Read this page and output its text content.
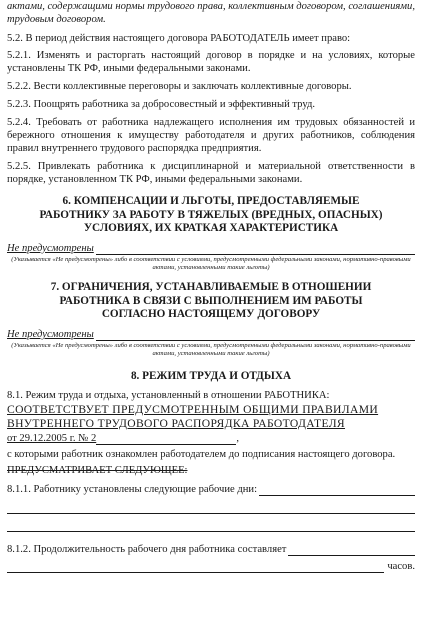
актами, содержащими нормы трудового права, коллективным договором, соглашениями, трудовым договором.

5.2. В период действия настоящего договора РАБОТОДАТЕЛЬ имеет право:

5.2.1. Изменять и расторгать настоящий договор в порядке и на условиях, которые установлены ТК РФ, иными федеральными законами.

5.2.2. Вести коллективные переговоры и заключать коллективные договоры.

5.2.3. Поощрять работника за добросовестный и эффективный труд.

5.2.4. Требовать от работника надлежащего исполнения им трудовых обязанностей и бережного отношения к имуществу работодателя и других работников, соблюдения правил внутреннего трудового распорядка предприятия.

5.2.5. Привлекать работника к дисциплинарной и материальной ответственности в порядке, установленном ТК РФ, иными федеральными законами.

6. КОМПЕНСАЦИИ И ЛЬГОТЫ, ПРЕДОСТАВЛЯЕМЫЕ РАБОТНИКУ ЗА РАБОТУ В ТЯЖЕЛЫХ (ВРЕДНЫХ, ОПАСНЫХ) УСЛОВИЯХ, ИХ КРАТКАЯ ХАРАКТЕРИСТИКА

Не предусмотрены

(Указывается «Не предусмотрены» либо в соответствии с условиями, предусмотренными федеральными законами, нормативно-правовыми актами, установленными такие льготы)

7. ОГРАНИЧЕНИЯ, УСТАНАВЛИВАЕМЫЕ В ОТНОШЕНИИ РАБОТНИКА В СВЯЗИ С ВЫПОЛНЕНИЕМ ИМ РАБОТЫ СОГЛАСНО НАСТОЯЩЕМУ ДОГОВОРУ

Не предусмотрены

(Указывается «Не предусмотрены» либо в соответствии с условиями, предусмотренными федеральными законами, нормативно-правовыми актами, установленными такие льготы)

8. РЕЖИМ ТРУДА И ОТДЫХА

8.1. Режим труда и отдыха, установленный в отношении РАБОТНИКА:

СООТВЕТСТВУЕТ ПРЕДУСМОТРЕННЫМ ОБЩИМИ ПРАВИЛАМИ ВНУТРЕННЕГО ТРУДОВОГО РАСПОРЯДКА РАБОТОДАТЕЛЯ

от 29.12.2005 г. № 2	,

с которыми работник ознакомлен работодателем до подписания настоящего договора.

ПРЕДУСМАТРИВАЕТ СЛЕДУЮЩЕЕ:

8.1.1. Работнику установлены следующие рабочие дни:
8.1.2. Продолжительность рабочего дня работника составляет
часов.
